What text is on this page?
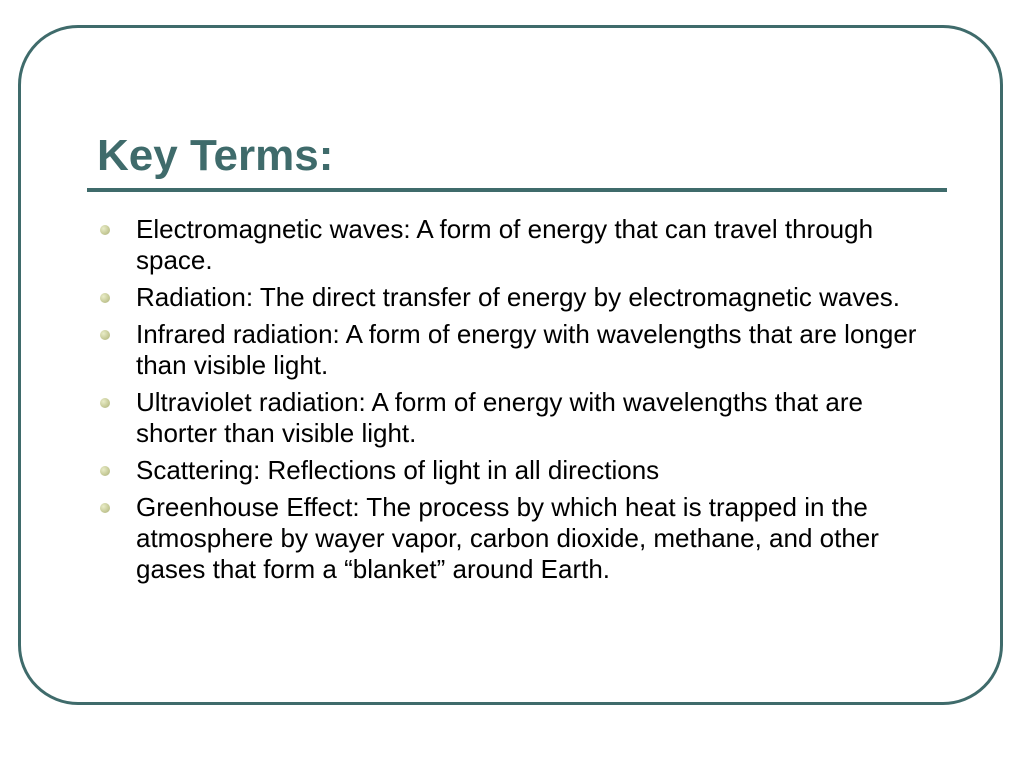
Key Terms:
Electromagnetic waves: A form of energy that can travel through space.
Radiation: The direct transfer of energy by electromagnetic waves.
Infrared radiation: A form of energy with wavelengths that are longer than visible light.
Ultraviolet radiation: A form of energy with wavelengths that are shorter than visible light.
Scattering: Reflections of light in all directions
Greenhouse Effect: The process by which heat is trapped in the atmosphere by wayer vapor, carbon dioxide, methane, and other gases that form a “blanket” around Earth.
